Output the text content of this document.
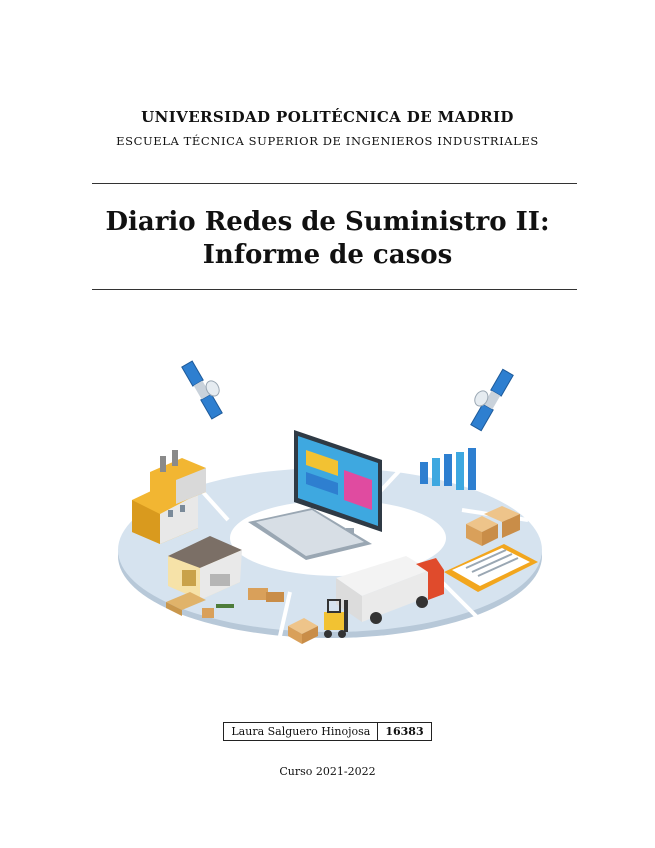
UNIVERSIDAD POLITÉCNICA DE MADRID
ESCUELA TÉCNICA SUPERIOR DE INGENIEROS INDUSTRIALES
Diario Redes de Suministro II:
Informe de casos
Laura Salguero Hinojosa	16383
Curso 2021-2022
